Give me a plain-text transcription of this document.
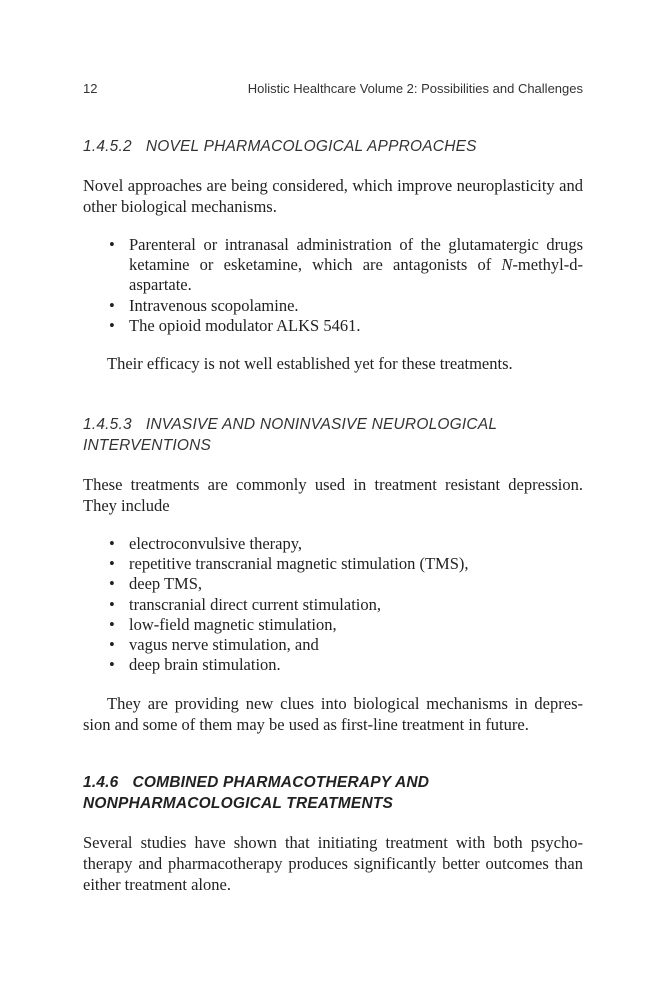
12	Holistic Healthcare Volume 2: Possibilities and Challenges
1.4.5.2 NOVEL PHARMACOLOGICAL APPROACHES

Novel approaches are being considered, which improve neuroplasticity and other biological mechanisms.

• Parenteral or intranasal administration of the glutamatergic drugs ketamine or esketamine, which are antagonists of N-methyl-d-aspartate.
• Intravenous scopolamine.
• The opioid modulator ALKS 5461.

Their efficacy is not well established yet for these treatments.

1.4.5.3 INVASIVE AND NONINVASIVE NEUROLOGICAL
INTERVENTIONS

These treatments are commonly used in treatment resistant depression. They include

• electroconvulsive therapy,
• repetitive transcranial magnetic stimulation (TMS),
• deep TMS,
• transcranial direct current stimulation,
• low-field magnetic stimulation,
• vagus nerve stimulation, and
• deep brain stimulation.

They are providing new clues into biological mechanisms in depres-sion and some of them may be used as first-line treatment in future.

1.4.6 COMBINED PHARMACOTHERAPY AND
NONPHARMACOLOGICAL TREATMENTS

Several studies have shown that initiating treatment with both psycho-therapy and pharmacotherapy produces significantly better outcomes than either treatment alone.
